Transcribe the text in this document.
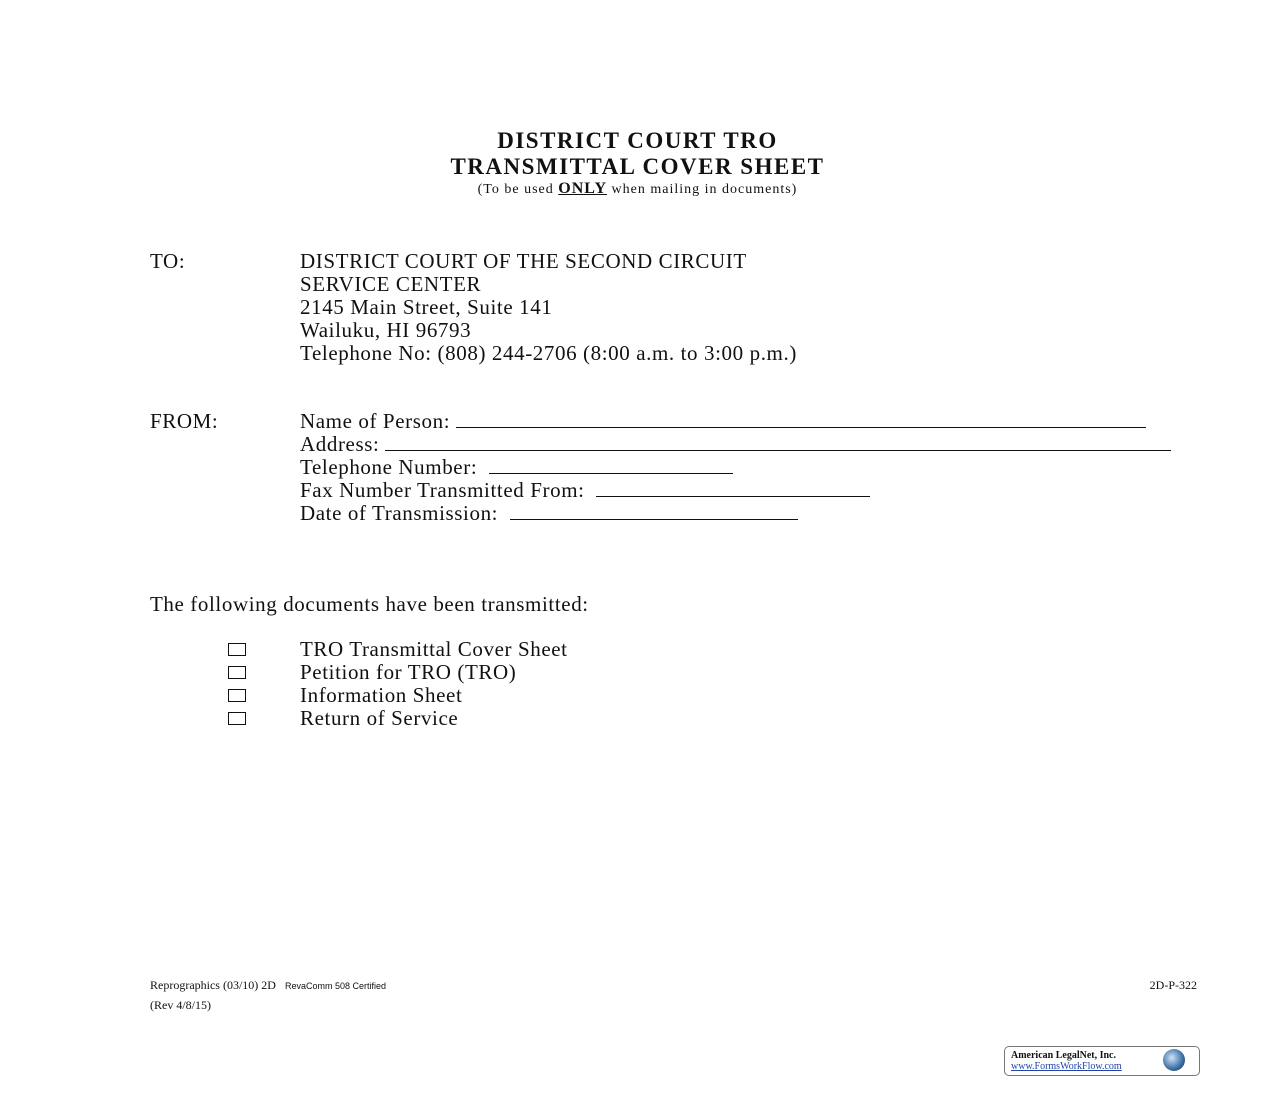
DISTRICT COURT TRO
TRANSMITTAL COVER SHEET
(To be used ONLY when mailing in documents)
TO:	DISTRICT COURT OF THE SECOND CIRCUIT
SERVICE CENTER
2145 Main Street, Suite 141
Wailuku, HI 96793
Telephone No: (808) 244-2706 (8:00 a.m. to 3:00 p.m.)
FROM:	Name of Person:
Address:
Telephone Number:
Fax Number Transmitted From:
Date of Transmission:
The following documents have been transmitted:
TRO Transmittal Cover Sheet
Petition for TRO (TRO)
Information Sheet
Return of Service
Reprographics (03/10) 2D RevaComm 508 Certified
(Rev 4/8/15)
2D-P-322
American LegalNet, Inc.
www.FormsWorkFlow.com
